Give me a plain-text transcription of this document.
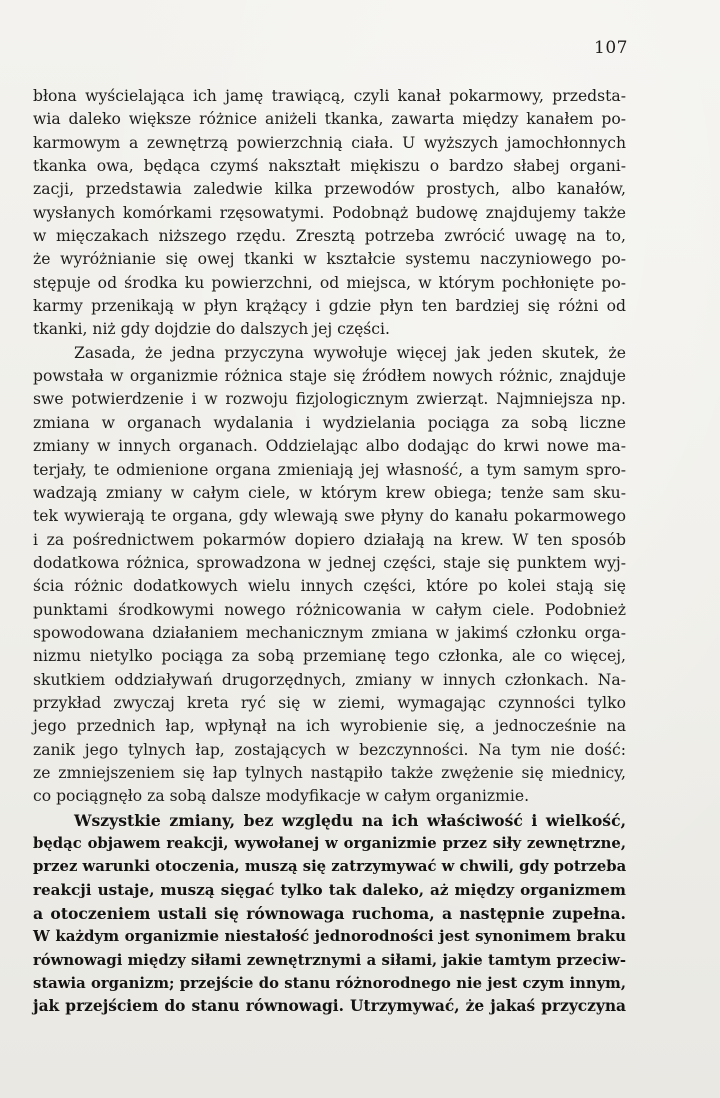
107
błona wyścielająca ich jamę trawiącą, czyli kanał pokarmowy, przedsta-
wia daleko większe różnice aniżeli tkanka, zawarta między kanałem po-
karmowym a zewnętrzą powierzchnią ciała. U wyższych jamochłonnych
tkanka owa, będąca czymś nakształt miękiszu o bardzo słabej organi-
zacji, przedstawia zaledwie kilka przewodów prostych, albo kanałów,
wysłanych komórkami rzęsowatymi. Podobnąż budowę znajdujemy także
w mięczakach niższego rzędu. Zresztą potrzeba zwrócić uwagę na to,
że wyróżnianie się owej tkanki w kształcie systemu naczyniowego po-
stępuje od środka ku powierzchni, od miejsca, w którym pochłonięte po-
karmy przenikają w płyn krążący i gdzie płyn ten bardziej się różni od
tkanki, niż gdy dojdzie do dalszych jej części.
Zasada, że jedna przyczyna wywołuje więcej jak jeden skutek, że
powstała w organizmie różnica staje się źródłem nowych różnic, znajduje
swe potwierdzenie i w rozwoju fizjologicznym zwierząt. Najmniejsza np.
zmiana w organach wydalania i wydzielania pociąga za sobą liczne
zmiany w innych organach. Oddzielając albo dodając do krwi nowe ma-
terjały, te odmienione organa zmieniają jej własność, a tym samym spro-
wadzają zmiany w całym ciele, w którym krew obiega; tenże sam sku-
tek wywierają te organa, gdy wlewają swe płyny do kanału pokarmowego
i za pośrednictwem pokarmów dopiero działają na krew. W ten sposób
dodatkowa różnica, sprowadzona w jednej części, staje się punktem wyj-
ścia różnic dodatkowych wielu innych części, które po kolei stają się
punktami środkowymi nowego różnicowania w całym ciele. Podobnież
spowodowana działaniem mechanicznym zmiana w jakimś członku orga-
nizmu nietylko pociąga za sobą przemianę tego członka, ale co więcej,
skutkiem oddziaływań drugorzędnych, zmiany w innych członkach. Na-
przykład zwyczaj kreta ryć się w ziemi, wymagając czynności tylko
jego przednich łap, wpłynął na ich wyrobienie się, a jednocześnie na
zanik jego tylnych łap, zostających w bezczynności. Na tym nie dość:
ze zmniejszeniem się łap tylnych nastąpiło także zwężenie się miednicy,
co pociągnęło za sobą dalsze modyfikacje w całym organizmie.
Wszystkie zmiany, bez względu na ich właściwość i wielkość,
będąc objawem reakcji, wywołanej w organizmie przez siły zewnętrzne,
przez warunki otoczenia, muszą się zatrzymywać w chwili, gdy potrzeba
reakcji ustaje, muszą sięgać tylko tak daleko, aż między organizmem
a otoczeniem ustali się równowaga ruchoma, a następnie zupełna.
W każdym organizmie niestałość jednorodności jest synonimem braku
równowagi między siłami zewnętrznymi a siłami, jakie tamtym przeciw-
stawia organizm; przejście do stanu różnorodnego nie jest czym innym,
jak przejściem do stanu równowagi. Utrzymywać, że jakaś przyczyna
